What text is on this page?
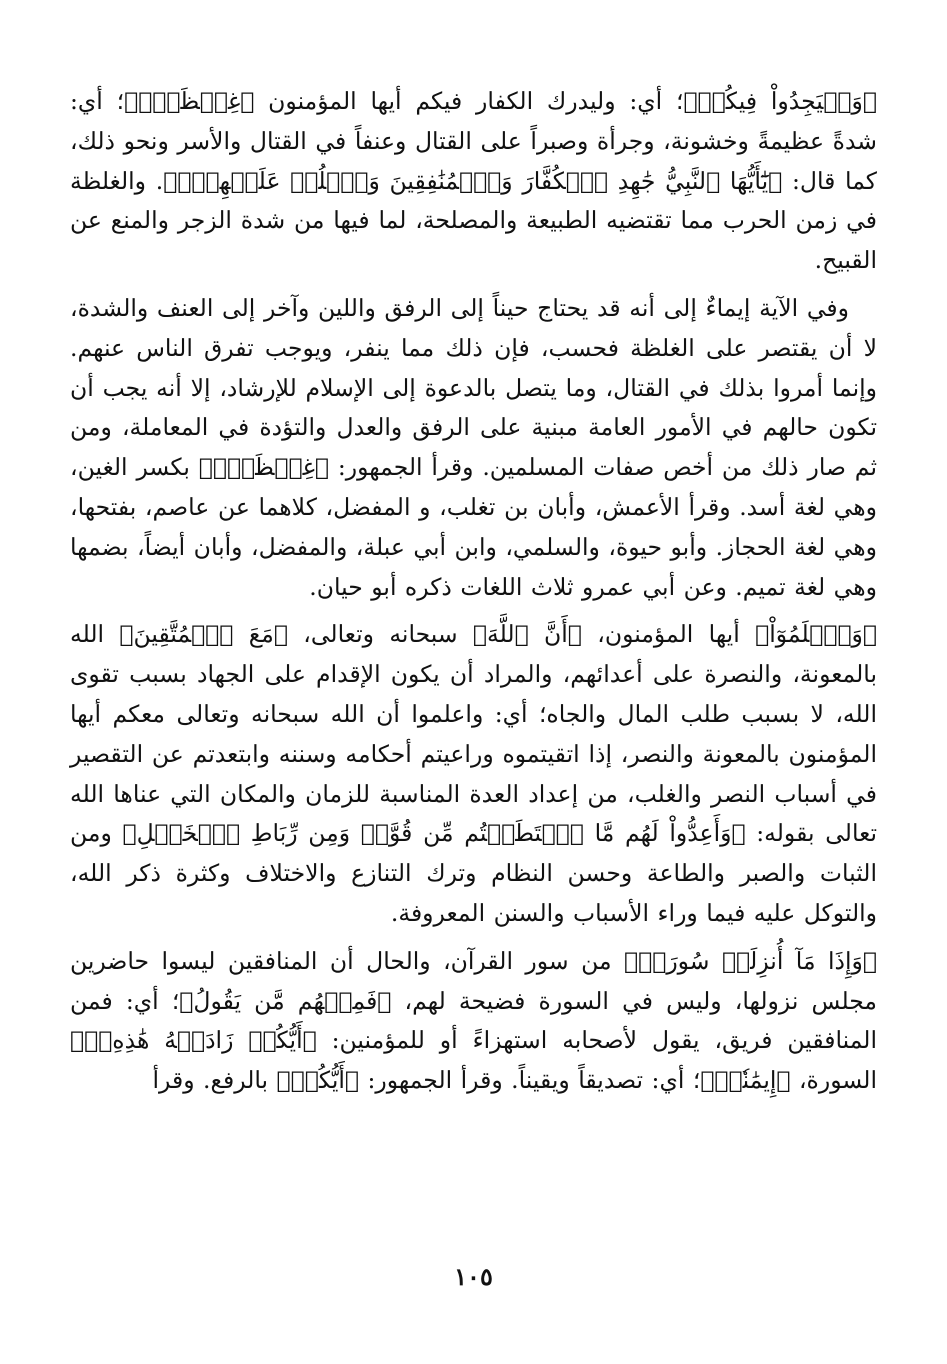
﴿وَلۡيَجِدُواْ فِيكُمۡ﴾؛ أي: وليدرك الكفار فيكم أيها المؤمنون ﴿غِلۡظَةٗۚ﴾؛ أي: شدةً عظيمةً وخشونة، وجرأة وصبراً على القتال وعنفاً في القتال والأسر ونحو ذلك، كما قال: ﴿يَٰٓأَيُّهَا ٱلنَّبِيُّ جَٰهِدِ ٱلۡكُفَّارَ وَٱلۡمُنَٰفِقِينَ وَٱغۡلُظۡ عَلَيۡهِمۡۚ﴾. والغلظة في زمن الحرب مما تقتضيه الطبيعة والمصلحة، لما فيها من شدة الزجر والمنع عن القبيح.

وفي الآية إيماءٌ إلى أنه قد يحتاج حيناً إلى الرفق واللين وآخر إلى العنف والشدة، لا أن يقتصر على الغلظة فحسب، فإن ذلك مما ينفر، ويوجب تفرق الناس عنهم. وإنما أمروا بذلك في القتال، وما يتصل بالدعوة إلى الإسلام للإرشاد، إلا أنه يجب أن تكون حالهم في الأمور العامة مبنية على الرفق والعدل والتؤدة في المعاملة، ومن ثم صار ذلك من أخص صفات المسلمين. وقرأ الجمهور: ﴿غِلۡظَةٗۚ﴾ بكسر الغين، وهي لغة أسد. وقرأ الأعمش، وأبان بن تغلب، و المفضل، كلاهما عن عاصم، بفتحها، وهي لغة الحجاز. وأبو حيوة، والسلمي، وابن أبي عبلة، والمفضل، وأبان أيضاً، بضمها وهي لغة تميم. وعن أبي عمرو ثلاث اللغات ذكره أبو حيان.

﴿وَٱعۡلَمُوٓاْ﴾ أيها المؤمنون، ﴿أَنَّ ٱللَّهَ﴾ سبحانه وتعالى، ﴿مَعَ ٱلۡمُتَّقِينَ﴾ الله بالمعونة، والنصرة على أعدائهم، والمراد أن يكون الإقدام على الجهاد بسبب تقوى الله، لا بسبب طلب المال والجاه؛ أي: واعلموا أن الله سبحانه وتعالى معكم أيها المؤمنون بالمعونة والنصر، إذا اتقيتموه وراعيتم أحكامه وسننه وابتعدتم عن التقصير في أسباب النصر والغلب، من إعداد العدة المناسبة للزمان والمكان التي عناها الله تعالى بقوله: ﴿وَأَعِدُّواْ لَهُم مَّا ٱسۡتَطَعۡتُم مِّن قُوَّةٖ وَمِن رِّبَاطِ ٱلۡخَيۡلِ﴾ ومن الثبات والصبر والطاعة وحسن النظام وترك التنازع والاختلاف وكثرة ذكر الله، والتوكل عليه فيما وراء الأسباب والسنن المعروفة.

﴿وَإِذَا مَآ أُنزِلَتۡ سُورَةٞ﴾ من سور القرآن، والحال أن المنافقين ليسوا حاضرين مجلس نزولها، وليس في السورة فضيحة لهم، ﴿فَمِنۡهُم مَّن يَقُولُ﴾؛ أي: فمن المنافقين فريق، يقول لأصحابه استهزاءً أو للمؤمنين: ﴿أَيُّكُمۡ زَادَتۡهُ هَٰذِهِۦٓ﴾ السورة، ﴿إِيمَٰنٗاۚ﴾؛ أي: تصديقاً ويقيناً. وقرأ الجمهور: ﴿أَيُّكُمۡ﴾ بالرفع. وقرأ

١٠٥
